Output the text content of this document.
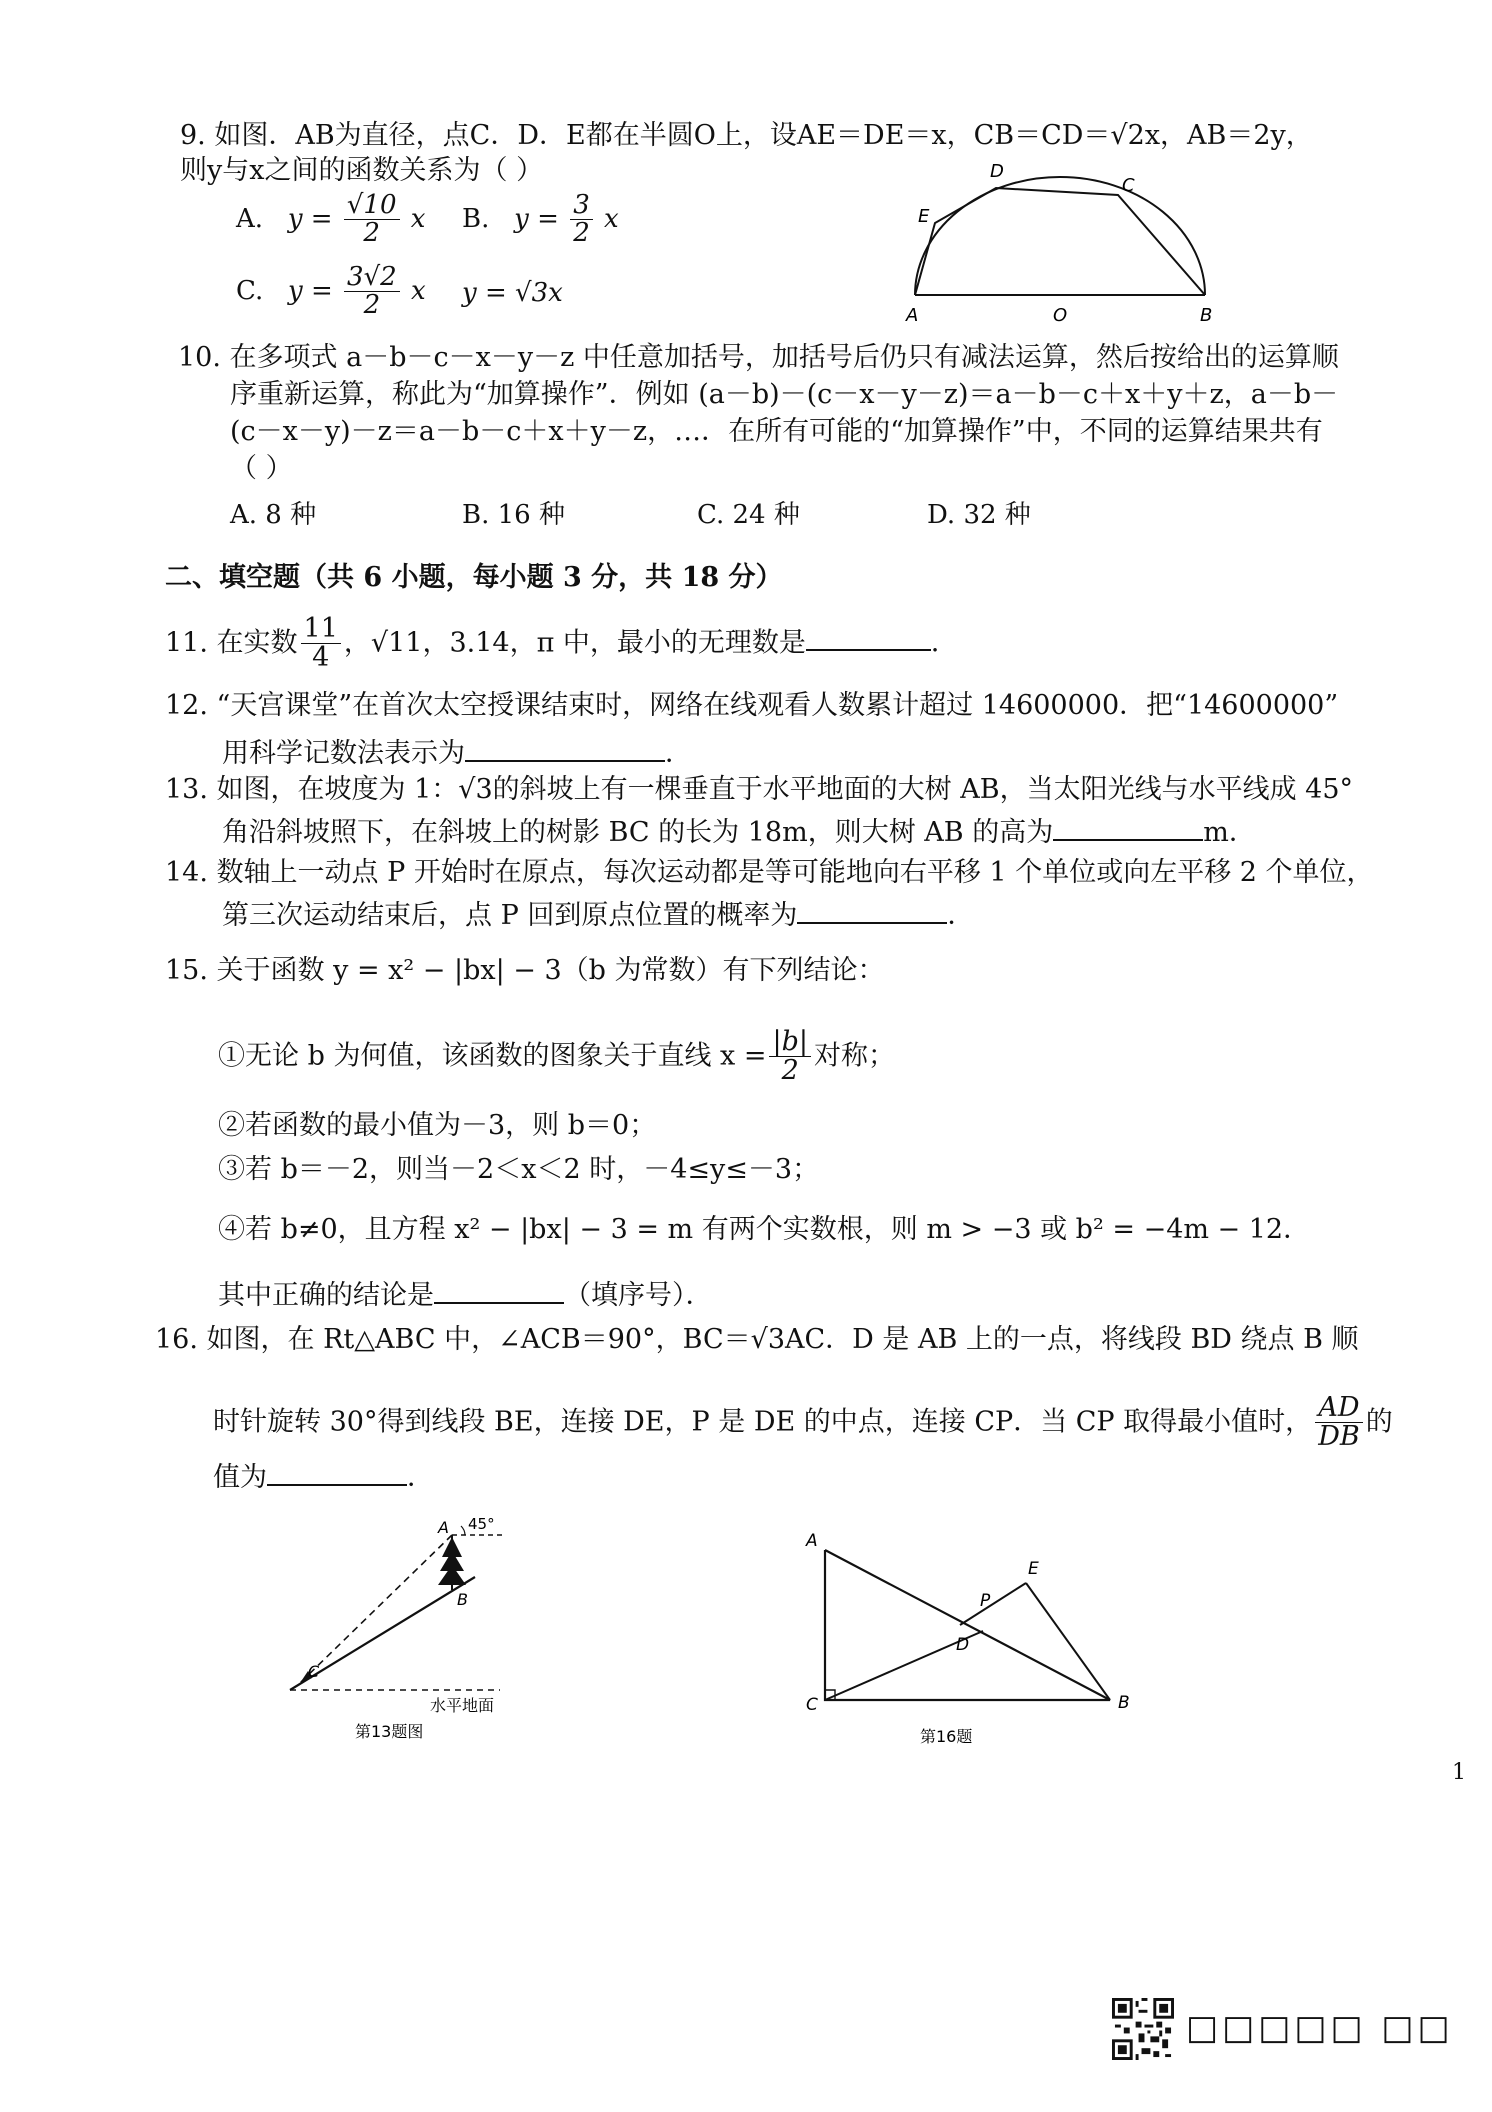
9. 如图．AB为直径，点C．D．E都在半圆O上，设AE＝DE＝x，CB＝CD＝√2x，AB＝2y，
则y与x之间的函数关系为（ ）
A. $y = \frac{√10}{2}$ x B. $y = \frac{3}{2}$ x
C. $y = \frac{3√2}{2}$ x y = √3x
A	B
C
D
E
O
10. 在多项式 a－b－c－x－y－z 中任意加括号，加括号后仍只有减法运算，然后按给出的运算顺
序重新运算，称此为“加算操作”．例如 (a－b)－(c－x－y－z)＝a－b－c＋x＋y＋z，a－b－
(c－x－y)－z＝a－b－c＋x＋y－z，…．在所有可能的“加算操作”中，不同的运算结果共有
（ ）
A. 8 种	B. 16 种	C. 24 种	D. 32 种
二、填空题（共 6 小题，每小题 3 分，共 18 分）
11. 在实数 $\frac{11}{4}$ ，√11，3.14，π 中，最小的无理数是	．
12. “天宫课堂”在首次太空授课结束时，网络在线观看人数累计超过 14600000．把“14600000”
用科学记数法表示为	．
13. 如图，在坡度为 1：√3的斜坡上有一棵垂直于水平地面的大树 AB，当太阳光线与水平线成 45°
角沿斜坡照下，在斜坡上的树影 BC 的长为 18m，则大树 AB 的高为	m．
14. 数轴上一动点 P 开始时在原点，每次运动都是等可能地向右平移 1 个单位或向左平移 2 个单位，
第三次运动结束后，点 P 回到原点位置的概率为	．
15. 关于函数 y = x² − |bx| − 3（b 为常数）有下列结论：
①无论 b 为何值，该函数的图象关于直线 $x = \frac{|b|}{2}$ 对称；
②若函数的最小值为－3，则 b＝0；
③若 b＝－2，则当－2＜x＜2 时，－4≤y≤－3；
④若 b≠0，且方程 x² − |bx| − 3 = m 有两个实数根，则 m > −3 或 b² = −4m − 12．
其中正确的结论是	（填序号）．
16. 如图，在 Rt△ABC 中，∠ACB＝90°，BC＝√3AC．D 是 AB 上的一点，将线段 BD 绕点 B 顺
时针旋转 30°得到线段 BE，连接 DE，P 是 DE 的中点，连接 CP．当 CP 取得最小值时， $\frac{AD}{DB}$ 的
值为	．
A
B
C
45°
水平地面
第13题图
A
B
C
D
E
P
第16题
1
□□□□□ □□
